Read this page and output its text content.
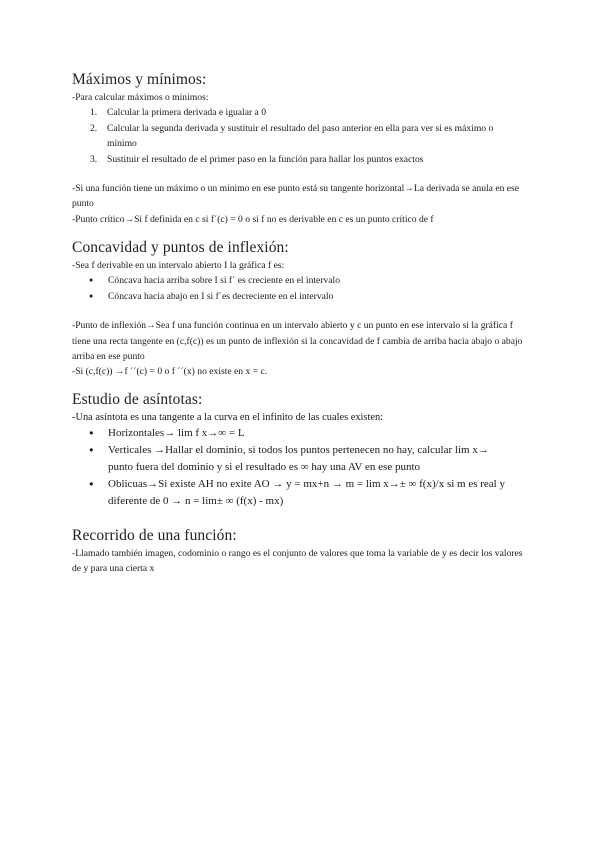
Máximos y mínimos:

-Para calcular máximos o mínimos:

1. Calcular la primera derivada e igualar a 0
2. Calcular la segunda derivada y sustituir el resultado del paso anterior en ella para ver si es máximo o mínimo
3. Sustituir el resultado de el primer paso en la función para hallar los puntos exactos

-Si una función tiene un máximo o un mínimo en ese punto está su tangente horizontal→La derivada se anula en ese punto

-Punto crítico→Si f definida en c si f´(c) = 0 o si f no es derivable en c es un punto crítico de f

Concavidad y puntos de inflexión:

-Sea f derivable en un intervalo abierto I la gráfica f es:

● Cóncava hacia arriba sobre I si f´ es creciente en el intervalo
● Cóncava hacia abajo en I si f´es decreciente en el intervalo

-Punto de inflexión→Sea f una función continua en un intervalo abierto y c un punto en ese intervalo si la gráfica f tiene una recta tangente en (c,f(c)) es un punto de inflexión si la concavidad de f cambia de arriba hacia abajo o abajo arriba en ese punto

-Si (c,f(c)) →f ´´(c) = 0 o f ´´(x) no existe en x = c.

Estudio de asíntotas:

-Una asíntota es una tangente a la curva en el infinito de las cuales existen:

● Horizontales→ lim f x→∞ = L
● Verticales →Hallar el dominio, si todos los puntos pertenecen no hay, calcular lim x→ punto fuera del dominio y si el resultado es ∞ hay una AV en ese punto
● Oblicuas→Si existe AH no exite AO → y = mx+n → m = lim x→± ∞ f(x)/x si m es real y diferente de 0 → n = lim± ∞ (f(x) - mx)
Recorrido de una función:

-Llamado también imagen, codominio o rango es el conjunto de valores que toma la variable de y es decir los valores de y para una cierta x
